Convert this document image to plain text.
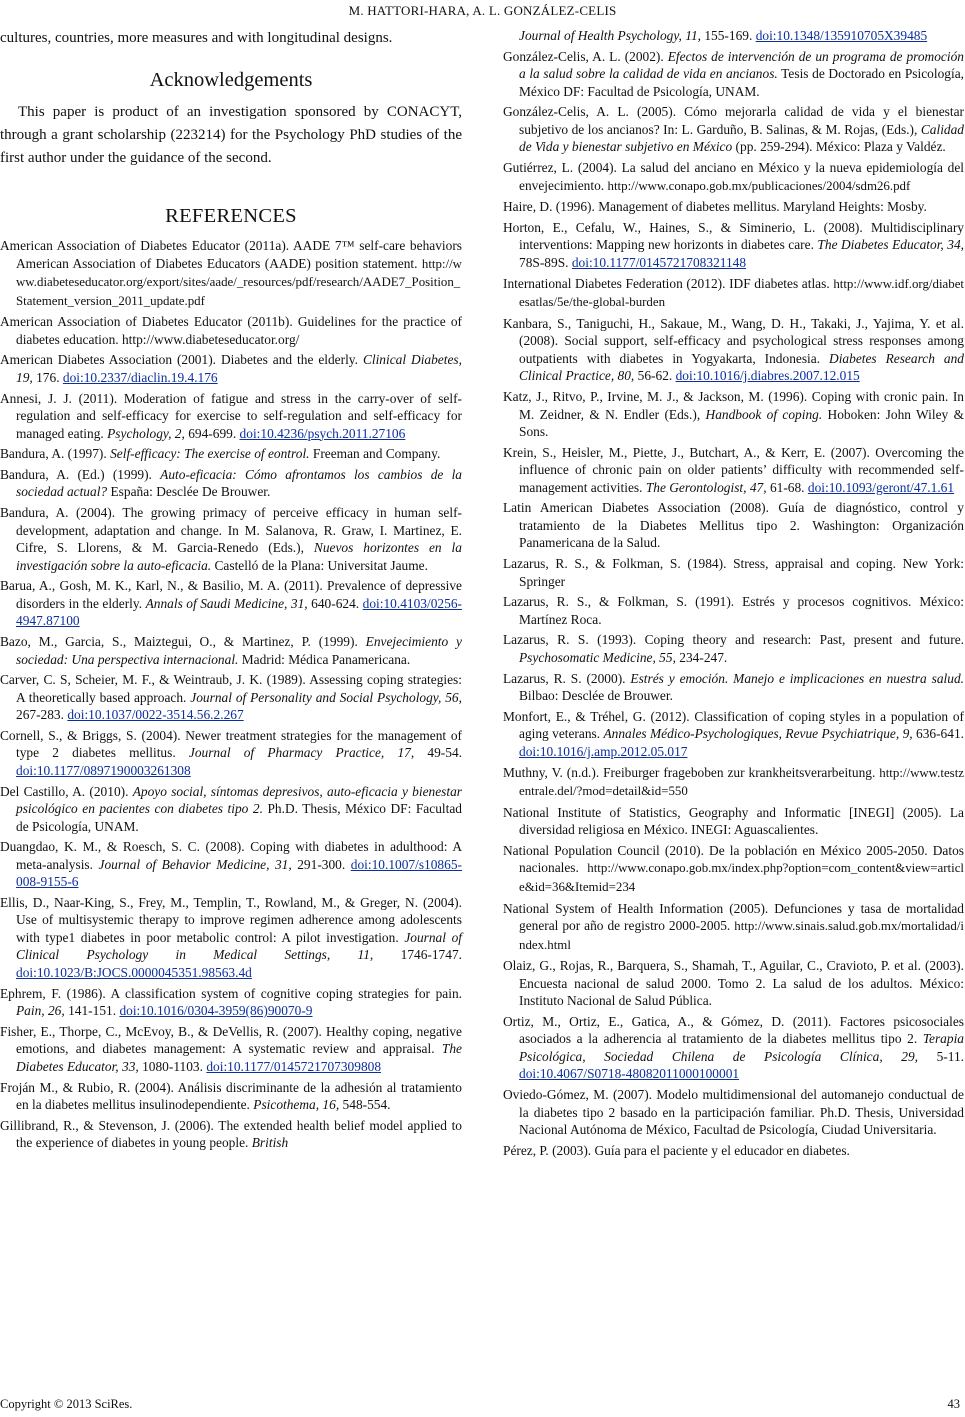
M. HATTORI-HARA, A. L. GONZÁLEZ-CELIS

cultures, countries, more measures and with longitudinal designs.

Acknowledgements

This paper is product of an investigation sponsored by CONACYT, through a grant scholarship (223214) for the Psychology PhD studies of the first author under the guidance of the second.

REFERENCES

American Association of Diabetes Educator (2011a). AADE 7™ self-care behaviors American Association of Diabetes Educators (AADE) position statement. http://www.diabeteseducator.org/export/sites/aade/_resources/pdf/research/AADE7_Position_Statement_version_2011_update.pdf

American Association of Diabetes Educator (2011b). Guidelines for the practice of diabetes education. http://www.diabeteseducator.org/

American Diabetes Association (2001). Diabetes and the elderly. Clinical Diabetes, 19, 176. doi:10.2337/diaclin.19.4.176

Annesi, J. J. (2011). Moderation of fatigue and stress in the carry-over of self-regulation and self-efficacy for exercise to self-regulation and self-efficacy for managed eating. Psychology, 2, 694-699. doi:10.4236/psych.2011.27106

Bandura, A. (1997). Self-efficacy: The exercise of eontrol. Freeman and Company.

Bandura, A. (Ed.) (1999). Auto-eficacia: Cómo afrontamos los cambios de la sociedad actual? España: Desclée De Brouwer.

Bandura, A. (2004). The growing primacy of perceive efficacy in human self-development, adaptation and change. In M. Salanova, R. Graw, I. Martinez, E. Cifre, S. Llorens, & M. Garcia-Renedo (Eds.), Nuevos horizontes en la investigación sobre la auto-eficacia. Castelló de la Plana: Universitat Jaume.

Barua, A., Gosh, M. K., Karl, N., & Basilio, M. A. (2011). Prevalence of depressive disorders in the elderly. Annals of Saudi Medicine, 31, 640-624. doi:10.4103/0256-4947.87100

Bazo, M., Garcia, S., Maiztegui, O., & Martinez, P. (1999). Envejecimiento y sociedad: Una perspectiva internacional. Madrid: Médica Panamericana.

Carver, C. S, Scheier, M. F., & Weintraub, J. K. (1989). Assessing coping strategies: A theoretically based approach. Journal of Personality and Social Psychology, 56, 267-283. doi:10.1037/0022-3514.56.2.267

Cornell, S., & Briggs, S. (2004). Newer treatment strategies for the management of type 2 diabetes mellitus. Journal of Pharmacy Practice, 17, 49-54. doi:10.1177/0897190003261308

Del Castillo, A. (2010). Apoyo social, síntomas depresivos, auto-eficacia y bienestar psicológico en pacientes con diabetes tipo 2. Ph.D. Thesis, México DF: Facultad de Psicología, UNAM.

Duangdao, K. M., & Roesch, S. C. (2008). Coping with diabetes in adulthood: A meta-analysis. Journal of Behavior Medicine, 31, 291-300. doi:10.1007/s10865-008-9155-6

Ellis, D., Naar-King, S., Frey, M., Templin, T., Rowland, M., & Greger, N. (2004). Use of multisystemic therapy to improve regimen adherence among adolescents with type1 diabetes in poor metabolic control: A pilot investigation. Journal of Clinical Psychology in Medical Settings, 11, 1746-1747. doi:10.1023/B:JOCS.0000045351.98563.4d

Ephrem, F. (1986). A classification system of cognitive coping strategies for pain. Pain, 26, 141-151. doi:10.1016/0304-3959(86)90070-9

Fisher, E., Thorpe, C., McEvoy, B., & DeVellis, R. (2007). Healthy coping, negative emotions, and diabetes management: A systematic review and appraisal. The Diabetes Educator, 33, 1080-1103. doi:10.1177/0145721707309808

Froján M., & Rubio, R. (2004). Análisis discriminante de la adhesión al tratamiento en la diabetes mellitus insulinodependiente. Psicothema, 16, 548-554.

Gillibrand, R., & Stevenson, J. (2006). The extended health belief model applied to the experience of diabetes in young people. British

Journal of Health Psychology, 11, 155-169. doi:10.1348/135910705X39485

González-Celis, A. L. (2002). Efectos de intervención de un programa de promoción a la salud sobre la calidad de vida en ancianos. Tesis de Doctorado en Psicología, México DF: Facultad de Psicología, UNAM.

González-Celis, A. L. (2005). Cómo mejorarla calidad de vida y el bienestar subjetivo de los ancianos? In: L. Garduño, B. Salinas, & M. Rojas, (Eds.), Calidad de Vida y bienestar subjetivo en México (pp. 259-294). México: Plaza y Valdéz.

Gutiérrez, L. (2004). La salud del anciano en México y la nueva epidemiología del envejecimiento. http://www.conapo.gob.mx/publicaciones/2004/sdm26.pdf

Haire, D. (1996). Management of diabetes mellitus. Maryland Heights: Mosby.

Horton, E., Cefalu, W., Haines, S., & Siminerio, L. (2008). Multidisciplinary interventions: Mapping new horizonts in diabetes care. The Diabetes Educator, 34, 78S-89S. doi:10.1177/0145721708321148

International Diabetes Federation (2012). IDF diabetes atlas. http://www.idf.org/diabetesatlas/5e/the-global-burden

Kanbara, S., Taniguchi, H., Sakaue, M., Wang, D. H., Takaki, J., Yajima, Y. et al. (2008). Social support, self-efficacy and psychological stress responses among outpatients with diabetes in Yogyakarta, Indonesia. Diabetes Research and Clinical Practice, 80, 56-62. doi:10.1016/j.diabres.2007.12.015

Katz, J., Ritvo, P., Irvine, M. J., & Jackson, M. (1996). Coping with cronic pain. In M. Zeidner, & N. Endler (Eds.), Handbook of coping. Hoboken: John Wiley & Sons.

Krein, S., Heisler, M., Piette, J., Butchart, A., & Kerr, E. (2007). Overcoming the influence of chronic pain on older patients’ difficulty with recommended self-management activities. The Gerontologist, 47, 61-68. doi:10.1093/geront/47.1.61

Latin American Diabetes Association (2008). Guía de diagnóstico, control y tratamiento de la Diabetes Mellitus tipo 2. Washington: Organización Panamericana de la Salud.

Lazarus, R. S., & Folkman, S. (1984). Stress, appraisal and coping. New York: Springer

Lazarus, R. S., & Folkman, S. (1991). Estrés y procesos cognitivos. México: Martínez Roca.

Lazarus, R. S. (1993). Coping theory and research: Past, present and future. Psychosomatic Medicine, 55, 234-247.

Lazarus, R. S. (2000). Estrés y emoción. Manejo e implicaciones en nuestra salud. Bilbao: Desclée de Brouwer.

Monfort, E., & Tréhel, G. (2012). Classification of coping styles in a population of aging veterans. Annales Médico-Psychologiques, Revue Psychiatrique, 9, 636-641. doi:10.1016/j.amp.2012.05.017

Muthny, V. (n.d.). Freiburger frageboben zur krankheitsverarbeitung. http://www.testzentrale.del/?mod=detail&id=550

National Institute of Statistics, Geography and Informatic [INEGI] (2005). La diversidad religiosa en México. INEGI: Aguascalientes.

National Population Council (2010). De la población en México 2005-2050. Datos nacionales. http://www.conapo.gob.mx/index.php?option=com_content&view=article&id=36&Itemid=234

National System of Health Information (2005). Defunciones y tasa de mortalidad general por año de registro 2000-2005. http://www.sinais.salud.gob.mx/mortalidad/index.html

Olaiz, G., Rojas, R., Barquera, S., Shamah, T., Aguilar, C., Cravioto, P. et al. (2003). Encuesta nacional de salud 2000. Tomo 2. La salud de los adultos. México: Instituto Nacional de Salud Pública.

Ortiz, M., Ortiz, E., Gatica, A., & Gómez, D. (2011). Factores psicosociales asociados a la adherencia al tratamiento de la diabetes mellitus tipo 2. Terapia Psicológica, Sociedad Chilena de Psicología Clínica, 29, 5-11. doi:10.4067/S0718-48082011000100001

Oviedo-Gómez, M. (2007). Modelo multidimensional del automanejo conductual de la diabetes tipo 2 basado en la participación familiar. Ph.D. Thesis, Universidad Nacional Autónoma de México, Facultad de Psicología, Ciudad Universitaria.

Pérez, P. (2003). Guía para el paciente y el educador en diabetes.

Copyright © 2013 SciRes.	43
